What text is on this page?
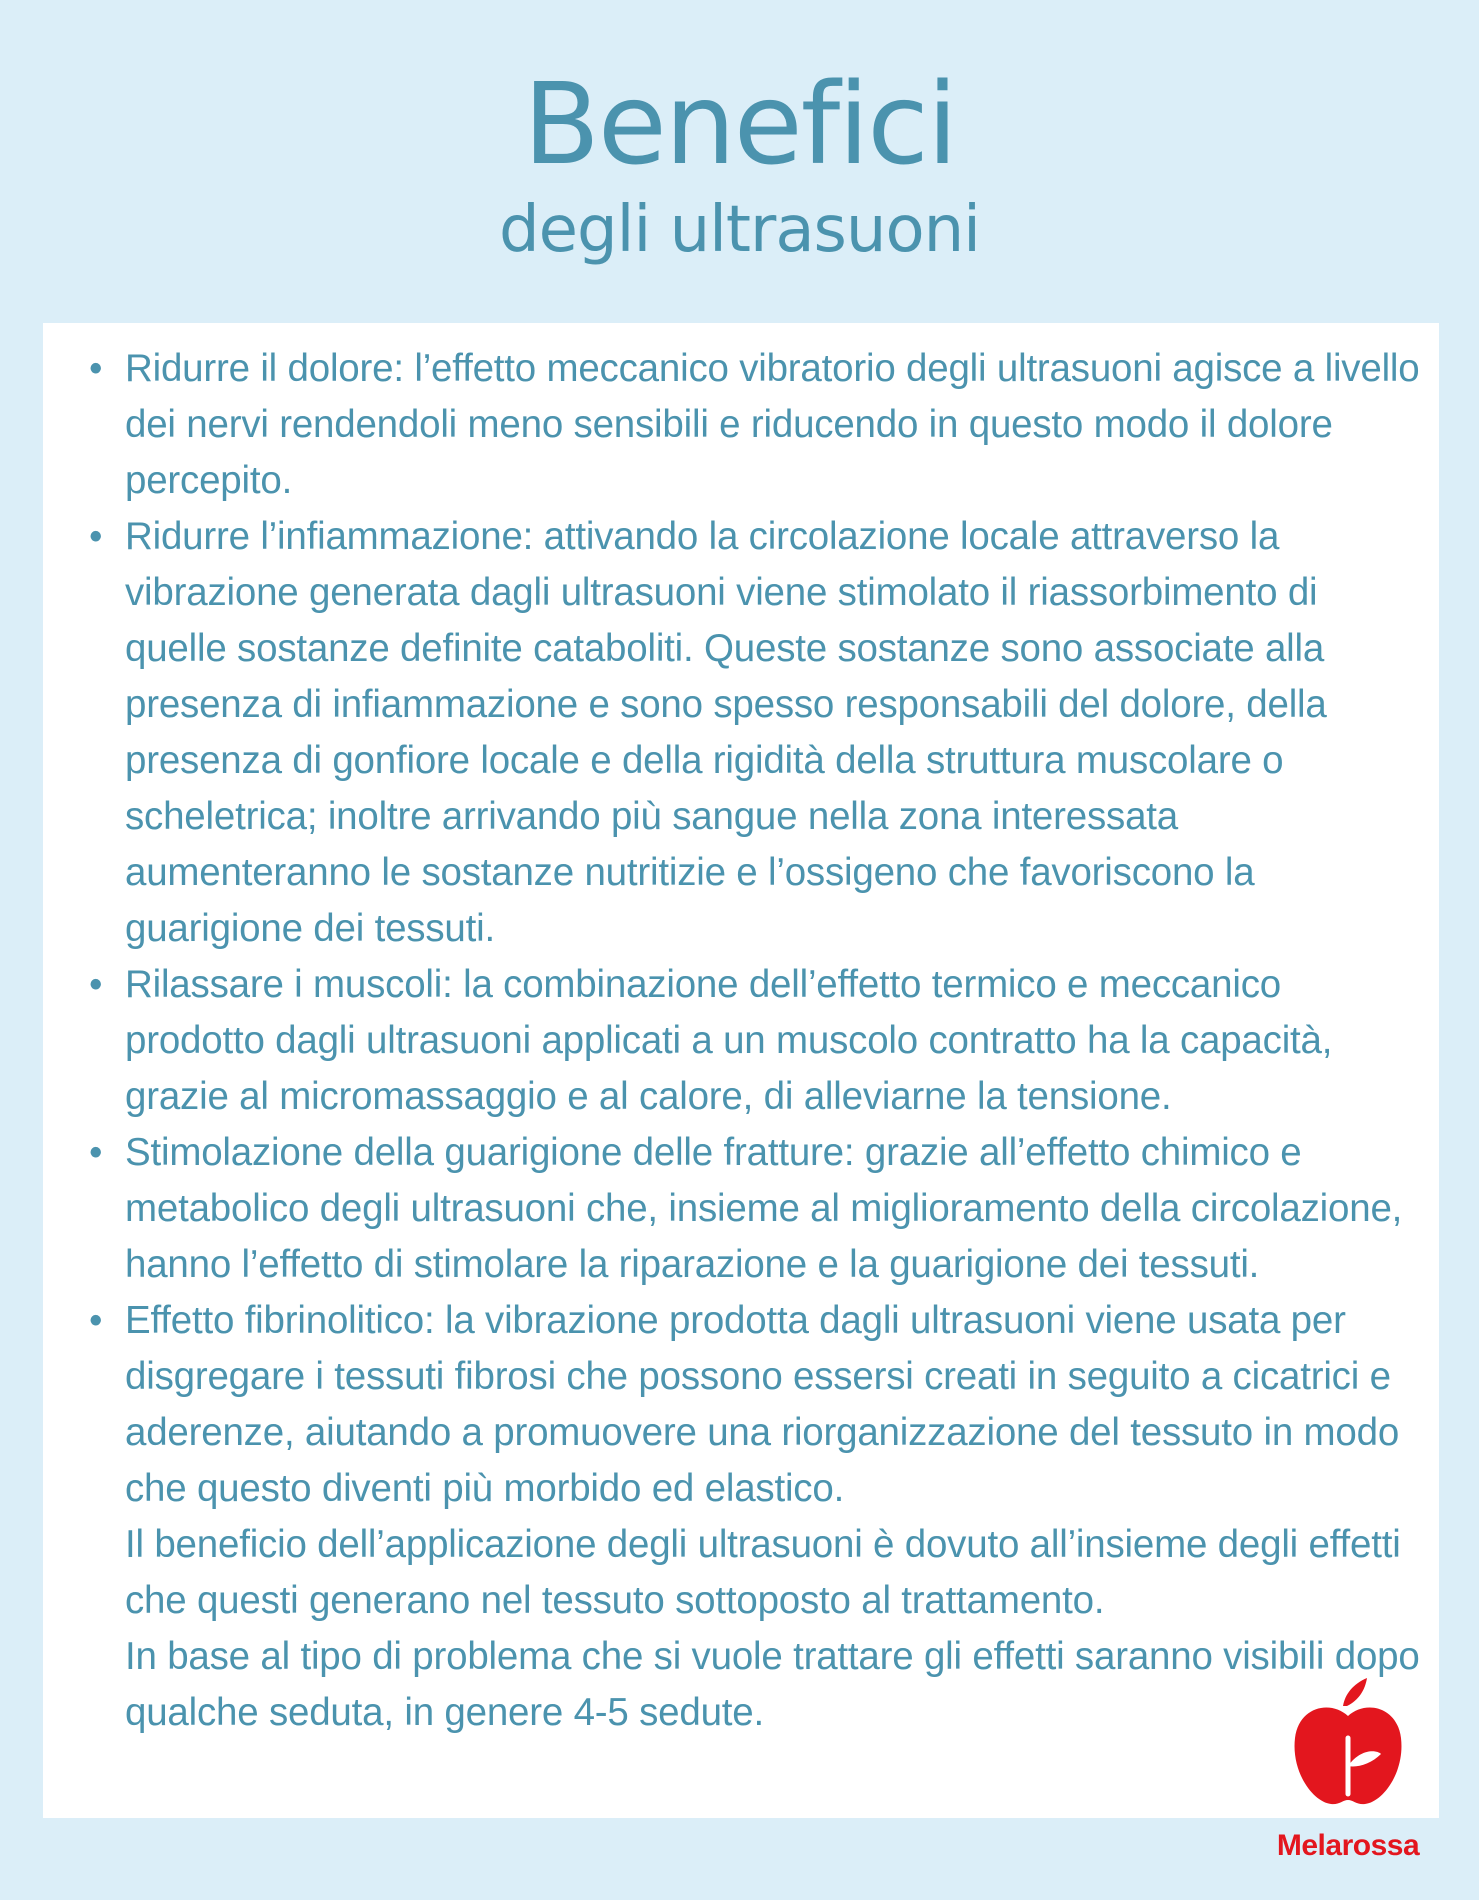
Benefici
degli ultrasuoni
• Ridurre il dolore: l’effetto meccanico vibratorio degli ultrasuoni agisce a livello dei nervi rendendoli meno sensibili e riducendo in questo modo il dolore percepito.
• Ridurre l’infiammazione: attivando la circolazione locale attraverso la vibrazione generata dagli ultrasuoni viene stimolato il riassorbimento di quelle sostanze definite cataboliti. Queste sostanze sono associate alla presenza di infiammazione e sono spesso responsabili del dolore, della presenza di gonfiore locale e della rigidità della struttura muscolare o scheletrica; inoltre arrivando più sangue nella zona interessata aumenteranno le sostanze nutritizie e l’ossigeno che favoriscono la guarigione dei tessuti.
• Rilassare i muscoli: la combinazione dell’effetto termico e meccanico prodotto dagli ultrasuoni applicati a un muscolo contratto ha la capacità, grazie al micromassaggio e al calore, di alleviarne la tensione.
• Stimolazione della guarigione delle fratture: grazie all’effetto chimico e metabolico degli ultrasuoni che, insieme al miglioramento della circolazione, hanno l’effetto di stimolare la riparazione e la guarigione dei tessuti.
• Effetto fibrinolitico: la vibrazione prodotta dagli ultrasuoni viene usata per disgregare i tessuti fibrosi che possono essersi creati in seguito a cicatrici e aderenze, aiutando a promuovere una riorganizzazione del tessuto in modo che questo diventi più morbido ed elastico.

Il beneficio dell’applicazione degli ultrasuoni è dovuto all’insieme degli effetti che questi generano nel tessuto sottoposto al trattamento.

In base al tipo di problema che si vuole trattare gli effetti saranno visibili dopo qualche seduta, in genere 4-5 sedute.

Melarossa
